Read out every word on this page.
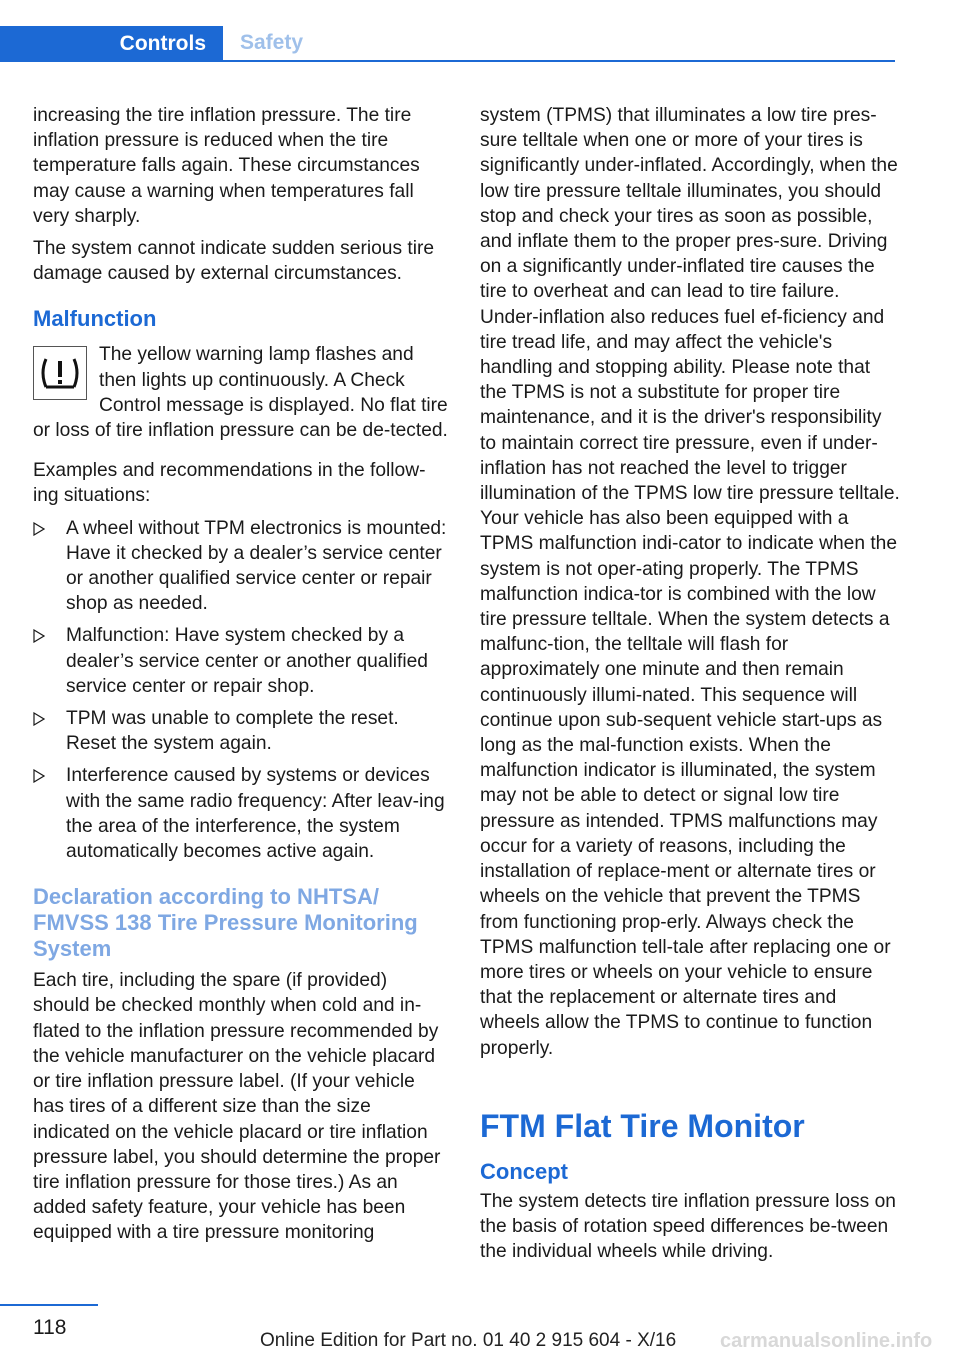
Controls	Safety

increasing the tire inflation pressure. The tire inflation pressure is reduced when the tire temperature falls again. These circumstances may cause a warning when temperatures fall very sharply.

The system cannot indicate sudden serious tire damage caused by external circumstances.

Malfunction
The yellow warning lamp flashes and then lights up continuously. A Check Control message is displayed. No flat tire or loss of tire inflation pressure can be de‐tected.

Examples and recommendations in the follow‐ing situations:

A wheel without TPM electronics is mounted: Have it checked by a dealer’s service center or another qualified service center or repair shop as needed.
Malfunction: Have system checked by a dealer’s service center or another qualified service center or repair shop.
TPM was unable to complete the reset. Reset the system again.
Interference caused by systems or devices with the same radio frequency: After leav‐ing the area of the interference, the system automatically becomes active again.
Declaration according to NHTSA/ FMVSS 138 Tire Pressure Monitoring System

Each tire, including the spare (if provided) should be checked monthly when cold and in‐flated to the inflation pressure recommended by the vehicle manufacturer on the vehicle placard or tire inflation pressure label. (If your vehicle has tires of a different size than the size indicated on the vehicle placard or tire inflation pressure label, you should determine the proper tire inflation pressure for those tires.) As an added safety feature, your vehicle has been equipped with a tire pressure monitoring

system (TPMS) that illuminates a low tire pres‐sure telltale when one or more of your tires is significantly under-inflated. Accordingly, when the low tire pressure telltale illuminates, you should stop and check your tires as soon as possible, and inflate them to the proper pres‐sure. Driving on a significantly under-inflated tire causes the tire to overheat and can lead to tire failure. Under-inflation also reduces fuel ef‐ficiency and tire tread life, and may affect the vehicle's handling and stopping ability. Please note that the TPMS is not a substitute for proper tire maintenance, and it is the driver's responsibility to maintain correct tire pressure, even if under-inflation has not reached the level to trigger illumination of the TPMS low tire pressure telltale. Your vehicle has also been equipped with a TPMS malfunction indi‐cator to indicate when the system is not oper‐ating properly. The TPMS malfunction indica‐tor is combined with the low tire pressure telltale. When the system detects a malfunc‐tion, the telltale will flash for approximately one minute and then remain continuously illumi‐nated. This sequence will continue upon sub‐sequent vehicle start-ups as long as the mal‐function exists. When the malfunction indicator is illuminated, the system may not be able to detect or signal low tire pressure as intended. TPMS malfunctions may occur for a variety of reasons, including the installation of replace‐ment or alternate tires or wheels on the vehicle that prevent the TPMS from functioning prop‐erly. Always check the TPMS malfunction tell‐tale after replacing one or more tires or wheels on your vehicle to ensure that the replacement or alternate tires and wheels allow the TPMS to continue to function properly.

FTM Flat Tire Monitor
Concept

The system detects tire inflation pressure loss on the basis of rotation speed differences be‐tween the individual wheels while driving.

118
Online Edition for Part no. 01 40 2 915 604 - X/16 carmanualsonline.info
